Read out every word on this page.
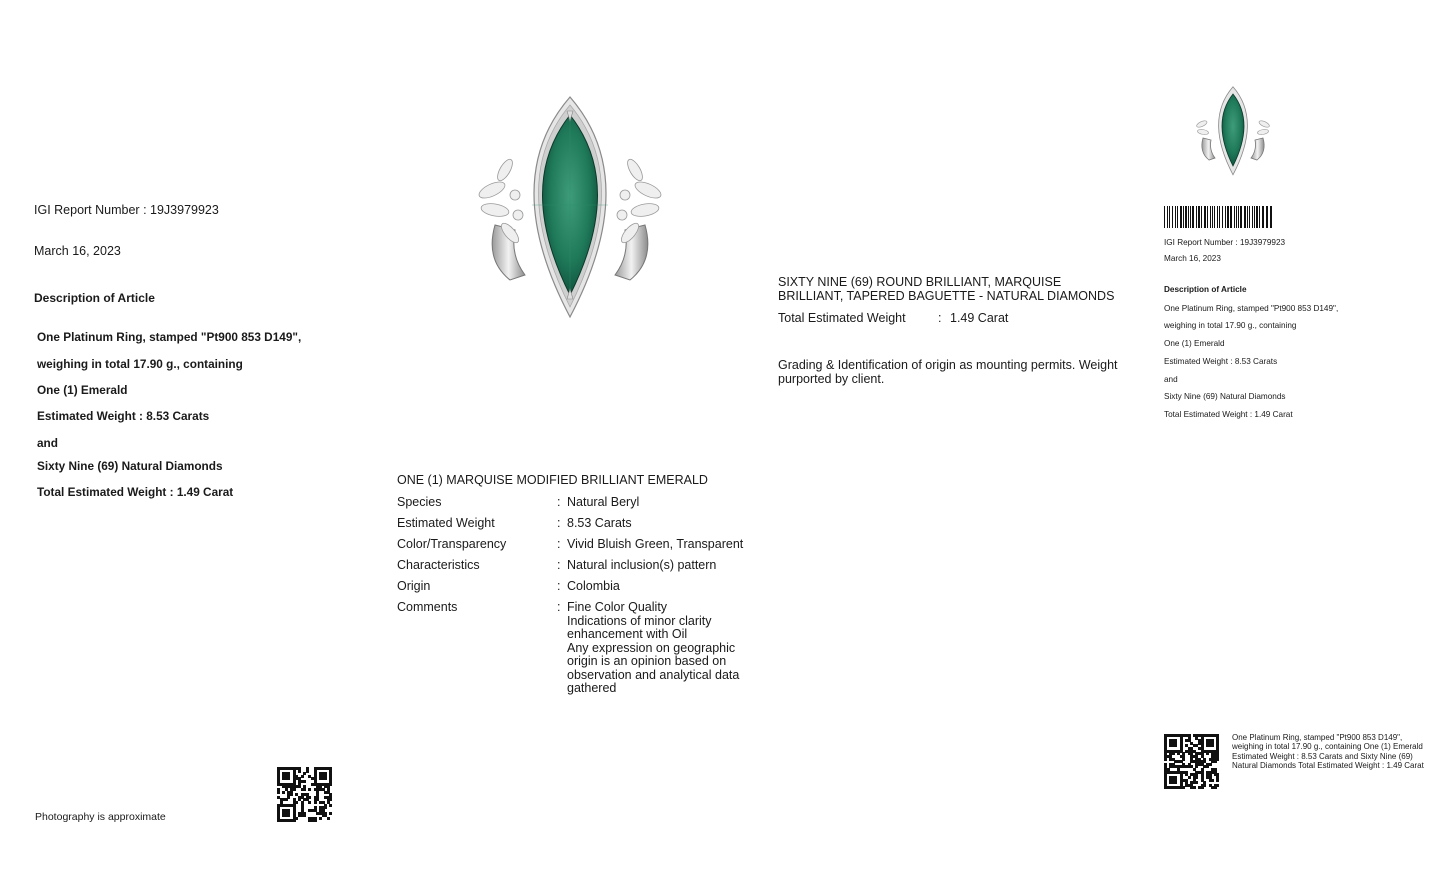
IGI Report Number : 19J3979923
March 16, 2023
Description of Article
One Platinum Ring, stamped "Pt900 853 D149",
weighing in total 17.90 g., containing
One (1) Emerald
Estimated Weight : 8.53 Carats
and
Sixty Nine (69) Natural Diamonds
Total Estimated Weight : 1.49 Carat
Photography is approximate
ONE (1) MARQUISE MODIFIED BRILLIANT EMERALD
Species	: Natural Beryl
Estimated Weight	: 8.53 Carats
Color/Transparency	: Vivid Bluish Green, Transparent
Characteristics	: Natural inclusion(s) pattern
Origin	: Colombia
Comments	: Fine Color Quality
Indications of minor clarity enhancement with Oil
Any expression on geographic origin is an opinion based on observation and analytical data gathered
SIXTY NINE (69) ROUND BRILLIANT, MARQUISE BRILLIANT, TAPERED BAGUETTE - NATURAL DIAMONDS
Total Estimated Weight	: 1.49 Carat
Grading & Identification of origin as mounting permits. Weight purported by client.
IGI Report Number : 19J3979923
March 16, 2023
Description of Article
One Platinum Ring, stamped "Pt900 853 D149",
weighing in total 17.90 g., containing
One (1) Emerald
Estimated Weight : 8.53 Carats
and
Sixty Nine (69) Natural Diamonds
Total Estimated Weight : 1.49 Carat
One Platinum Ring, stamped "Pt900 853 D149", weighing in total 17.90 g., containing One (1) Emerald Estimated Weight : 8.53 Carats and Sixty Nine (69) Natural Diamonds Total Estimated Weight : 1.49 Carat
